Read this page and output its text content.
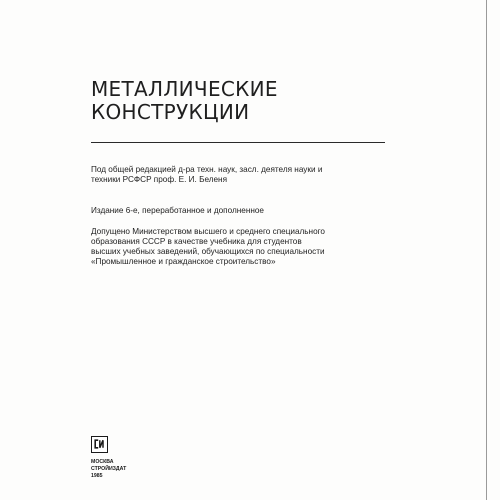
МЕТАЛЛИЧЕСКИЕ
КОНСТРУКЦИИ

Под общей редакцией д-ра техн. наук, засл. деятеля науки и
техники РСФСР проф. Е. И. Беленя

Издание 6-е, переработанное и дополненное

Допущено Министерством высшего и среднего специального
образования СССР в качестве учебника для студентов
высших учебных заведений, обучающихся по специальности
«Промышленное и гражданское строительство»

МОСКВА
СТРОЙИЗДАТ
1985
